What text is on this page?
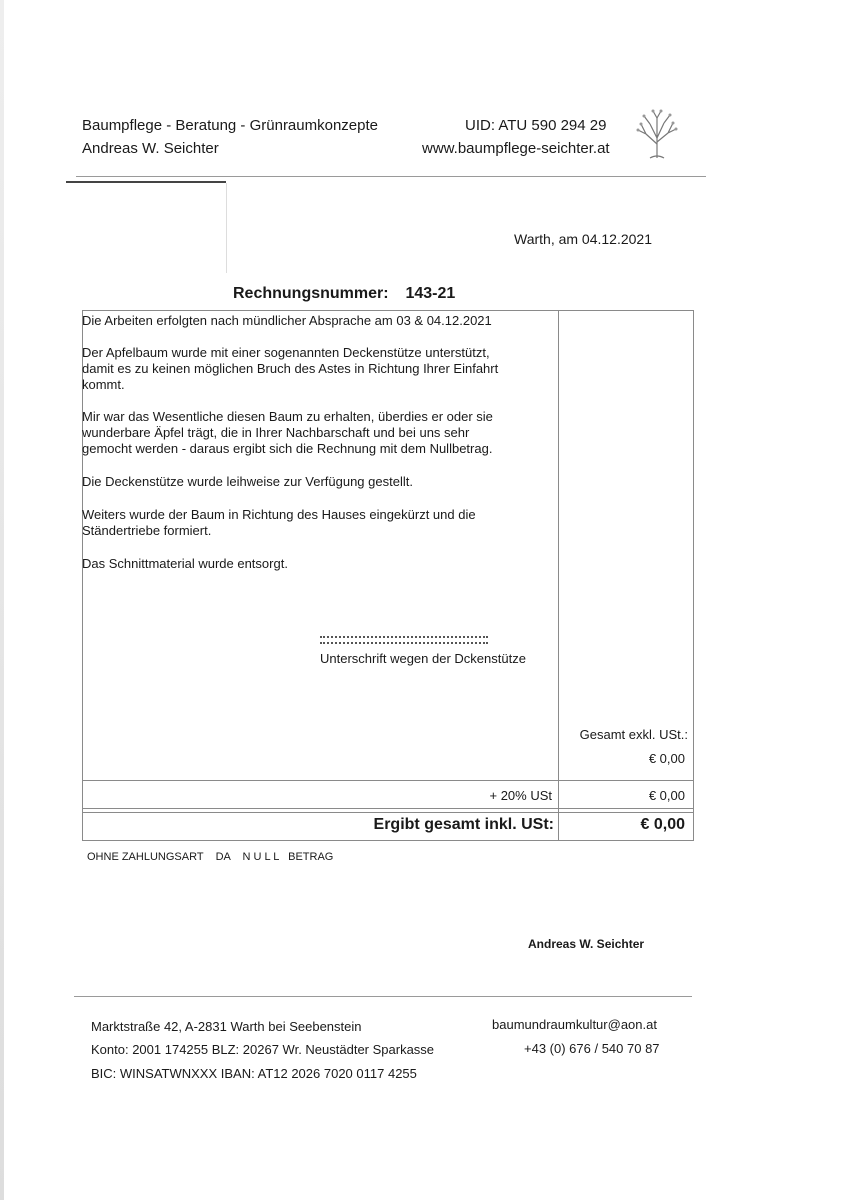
Baumpflege - Beratung - Grünraumkonzepte
Andreas W. Seichter
UID: ATU 590 294 29
www.baumpflege-seichter.at
Warth, am 04.12.2021
Rechnungsnummer: 143-21
Die Arbeiten erfolgten nach mündlicher Absprache am 03 & 04.12.2021
Der Apfelbaum wurde mit einer sogenannten Deckenstütze unterstützt,
damit es zu keinen möglichen Bruch des Astes in Richtung Ihrer Einfahrt
kommt.
Mir war das Wesentliche diesen Baum zu erhalten, überdies er oder sie
wunderbare Äpfel trägt, die in Ihrer Nachbarschaft und bei uns sehr
gemocht werden - daraus ergibt sich die Rechnung mit dem Nullbetrag.
Die Deckenstütze wurde leihweise zur Verfügung gestellt.
Weiters wurde der Baum in Richtung des Hauses eingekürzt und die
Ständertriebe formiert.
Das Schnittmaterial wurde entsorgt.
Unterschrift wegen der Dckenstütze
Gesamt exkl. USt.:
€ 0,00
+ 20% USt	€ 0,00
Ergibt gesamt inkl. USt:	€ 0,00
OHNE ZAHLUNGSART    DA    N U L L   BETRAG
Andreas W. Seichter
Marktstraße 42, A-2831 Warth bei Seebenstein
Konto: 2001 174255 BLZ: 20267 Wr. Neustädter Sparkasse
BIC: WINSATWNXXX IBAN: AT12 2026 7020 0117 4255
baumundraumkultur@aon.at
+43 (0) 676 / 540 70 87
